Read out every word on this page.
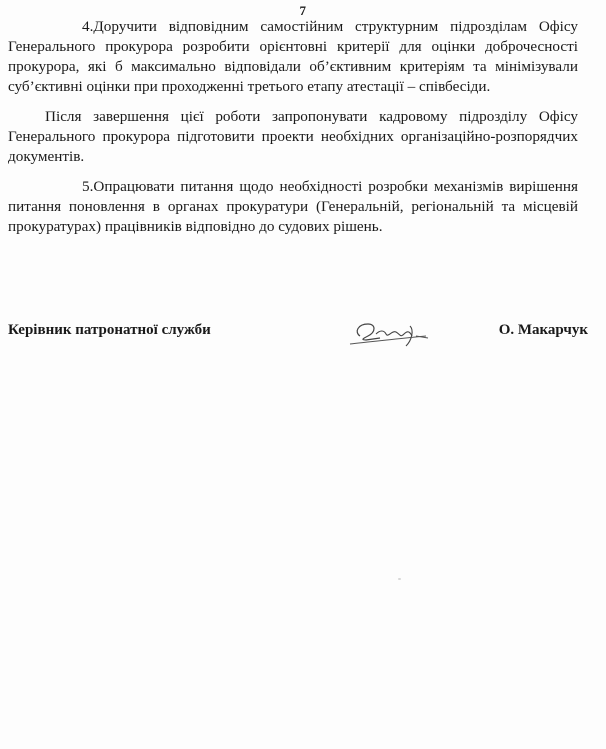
7

4.Доручити відповідним самостійним структурним підрозділам Офісу Генерального прокурора розробити орієнтовні критерії для оцінки доброчесності прокурора, які б максимально відповідали об’єктивним критеріям та мінімізували суб’єктивні оцінки при проходженні третього етапу атестації – співбесіди.

Після завершення цієї роботи запропонувати кадровому підрозділу Офісу Генерального прокурора підготовити проекти необхідних організаційно-розпорядчих документів.

5.Опрацювати питання щодо необхідності розробки механізмів вирішення питання поновлення в органах прокуратури (Генеральній, регіональній та місцевій прокуратурах) працівників відповідно до судових рішень.

Керівник патронатної служби	О. Макарчук
